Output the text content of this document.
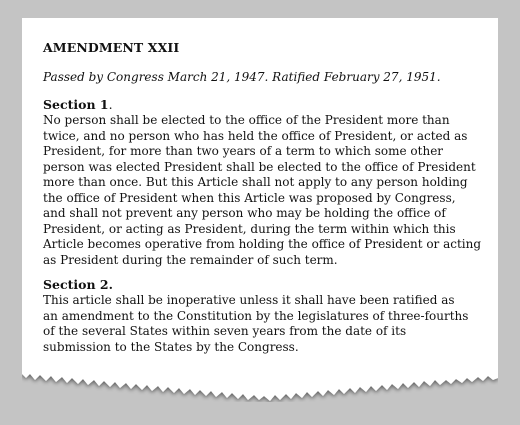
AMENDMENT XXII
Passed by Congress March 21, 1947. Ratified February 27, 1951.
Section 1.
No person shall be elected to the office of the President more than
twice, and no person who has held the office of President, or acted as
President, for more than two years of a term to which some other
person was elected President shall be elected to the office of President
more than once. But this Article shall not apply to any person holding
the office of President when this Article was proposed by Congress,
and shall not prevent any person who may be holding the office of
President, or acting as President, during the term within which this
Article becomes operative from holding the office of President or acting
as President during the remainder of such term.
Section 2.
This article shall be inoperative unless it shall have been ratified as
an amendment to the Constitution by the legislatures of three-fourths
of the several States within seven years from the date of its
submission to the States by the Congress.
